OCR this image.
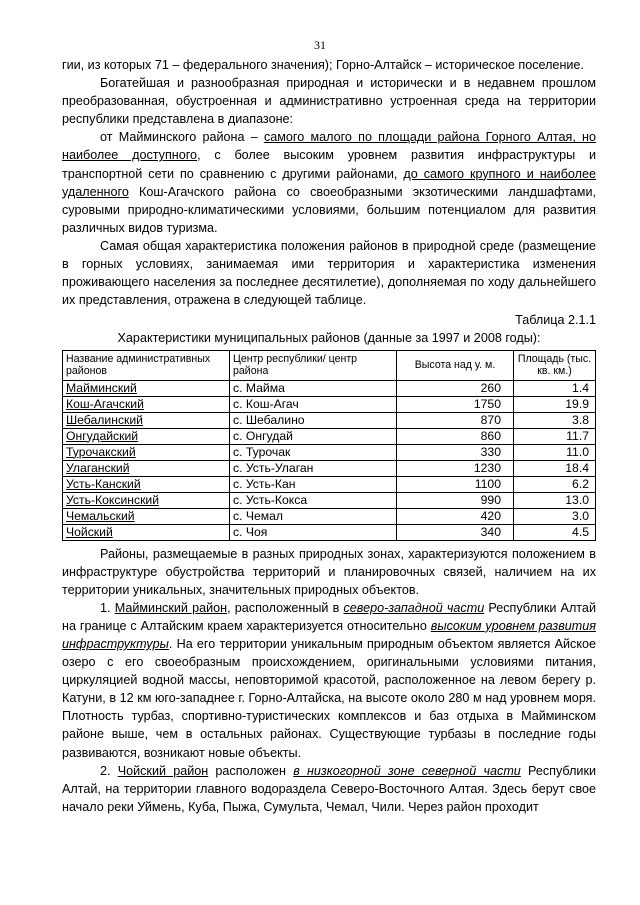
31

гии, из которых 71 – федерального значения); Горно-Алтайск – историческое поселение.

Богатейшая и разнообразная природная и исторически и в недавнем прошлом преобразованная, обустроенная и административно устроенная среда на территории республики представлена в диапазоне:

от Майминского района – самого малого по площади района Горного Алтая, но наиболее доступного, с более высоким уровнем развития инфраструктуры и транспортной сети по сравнению с другими районами, до самого крупного и наиболее удаленного Кош-Агачского района со своеобразными экзотическими ландшафтами, суровыми природно-климатическими условиями, большим потенциалом для развития различных видов туризма.

Самая общая характеристика положения районов в природной среде (размещение в горных условиях, занимаемая ими территория и характеристика изменения проживающего населения за последнее десятилетие), дополняемая по ходу дальнейшего их представления, отражена в следующей таблице.

Таблица 2.1.1

Характеристики муниципальных районов (данные за 1997 и 2008 годы):

Название административных районов	Центр республики/ центр района	Высота над у. м.	Площадь (тыс. кв. км.)
Майминский	с. Майма	260	1.4
Кош-Агачский	с. Кош-Агач	1750	19.9
Шебалинский	с. Шебалино	870	3.8
Онгудайский	с. Онгудай	860	11.7
Турочакский	с. Турочак	330	11.0
Улаганский	с. Усть-Улаган	1230	18.4
Усть-Канский	с. Усть-Кан	1100	6.2
Усть-Коксинский	с. Усть-Кокса	990	13.0
Чемальский	с. Чемал	420	3.0
Чойский	с. Чоя	340	4.5

Районы, размещаемые в разных природных зонах, характеризуются положением в инфраструктуре обустройства территорий и планировочных связей, наличием на их территории уникальных, значительных природных объектов.

1. Майминский район, расположенный в северо-западной части Республики Алтай на границе с Алтайским краем характеризуется относительно высоким уровнем развития инфраструктуры. На его территории уникальным природным объектом является Айское озеро с его своеобразным происхождением, оригинальными условиями питания, циркуляцией водной массы, неповторимой красотой, расположенное на левом берегу р. Катуни, в 12 км юго-западнее г. Горно-Алтайска, на высоте около 280 м над уровнем моря. Плотность турбаз, спортивно-туристических комплексов и баз отдыха в Майминском районе выше, чем в остальных районах. Существующие турбазы в последние годы развиваются, возникают новые объекты.

2. Чойский район расположен в низкогорной зоне северной части Республики Алтай, на территории главного водораздела Северо-Восточного Алтая. Здесь берут свое начало реки Уймень, Куба, Пыжа, Сумульта, Чемал, Чили. Через район проходит
